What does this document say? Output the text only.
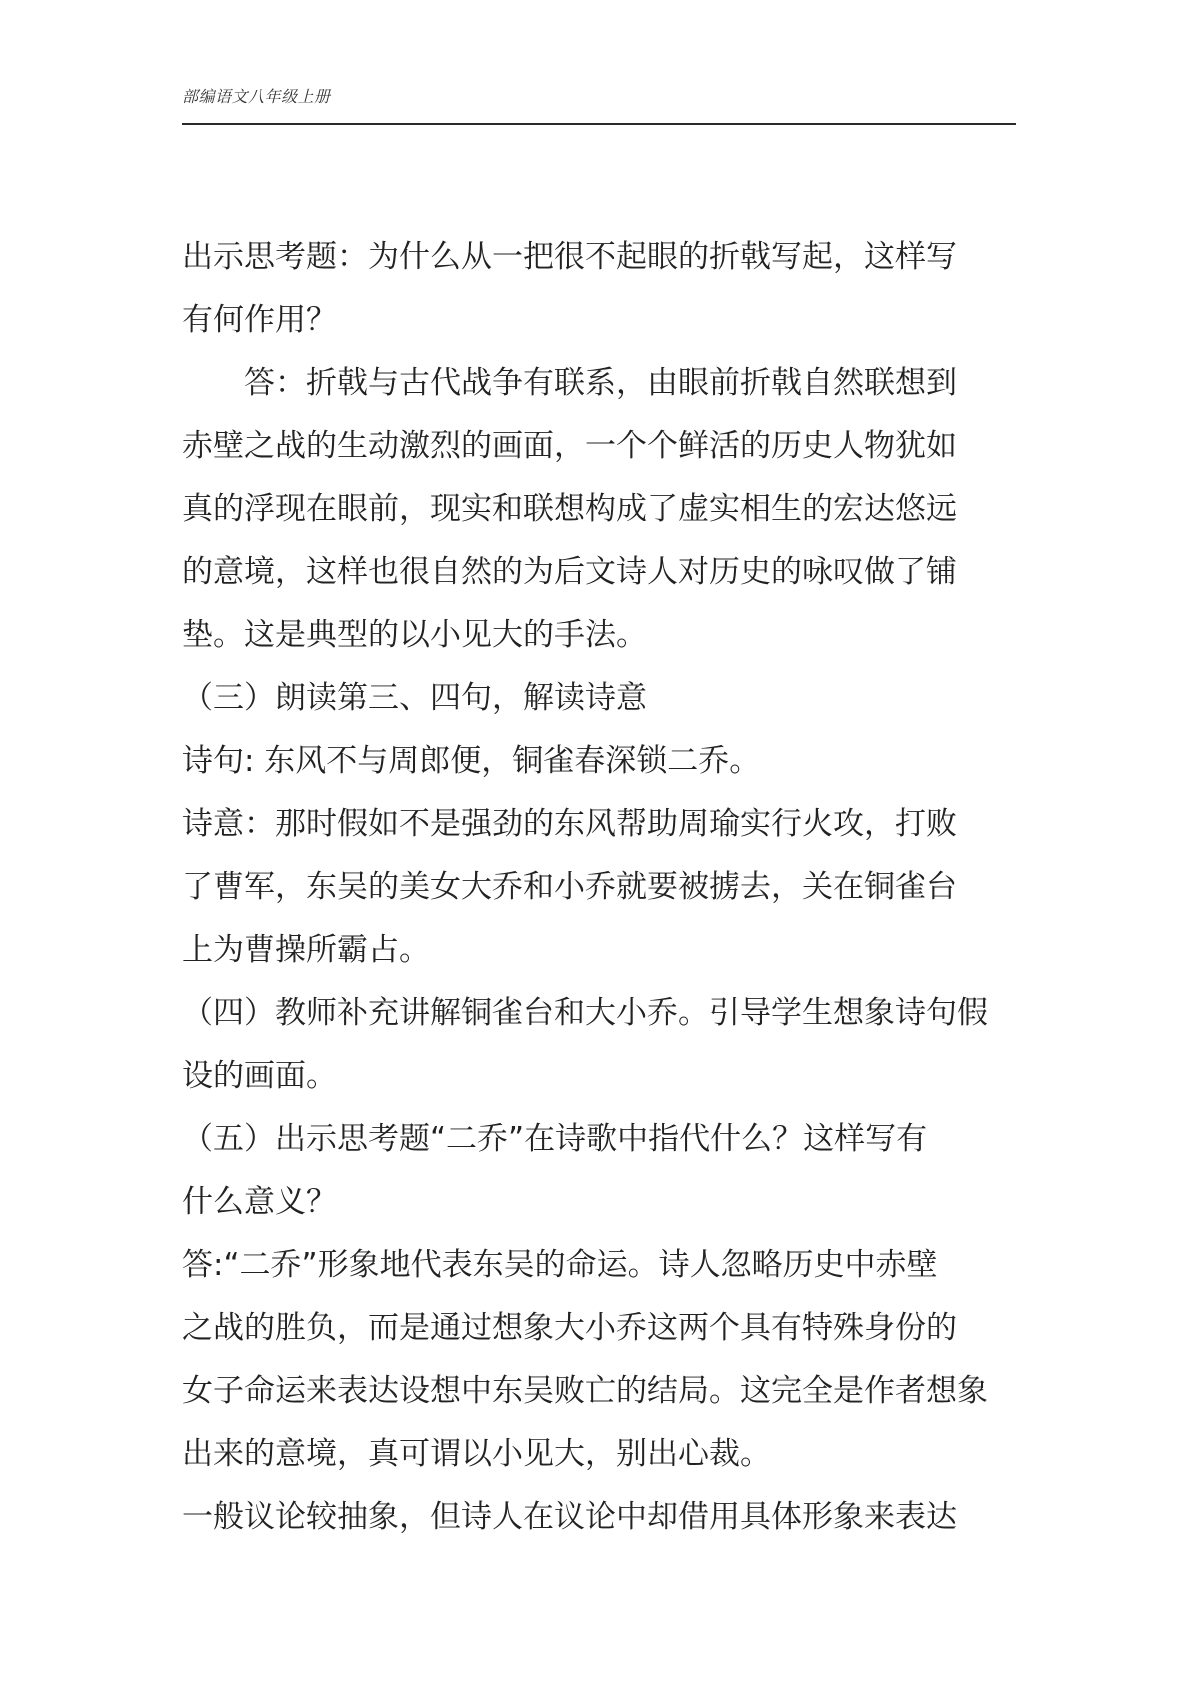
部编语文八年级上册
出示思考题：为什么从一把很不起眼的折戟写起，这样写
有何作用？
　　答：折戟与古代战争有联系，由眼前折戟自然联想到
赤壁之战的生动激烈的画面，一个个鲜活的历史人物犹如
真的浮现在眼前，现实和联想构成了虚实相生的宏达悠远
的意境，这样也很自然的为后文诗人对历史的咏叹做了铺
垫。这是典型的以小见大的手法。
（三）朗读第三、四句，解读诗意
诗句: 东风不与周郎便，铜雀春深锁二乔。
诗意：那时假如不是强劲的东风帮助周瑜实行火攻，打败
了曹军，东吴的美女大乔和小乔就要被掳去，关在铜雀台
上为曹操所霸占。
（四）教师补充讲解铜雀台和大小乔。引导学生想象诗句假
设的画面。
（五）出示思考题“二乔”在诗歌中指代什么？这样写有
什么意义？
答:“二乔”形象地代表东吴的命运。诗人忽略历史中赤壁
之战的胜负，而是通过想象大小乔这两个具有特殊身份的
女子命运来表达设想中东吴败亡的结局。这完全是作者想象
出来的意境，真可谓以小见大，别出心裁。
一般议论较抽象，但诗人在议论中却借用具体形象来表达
